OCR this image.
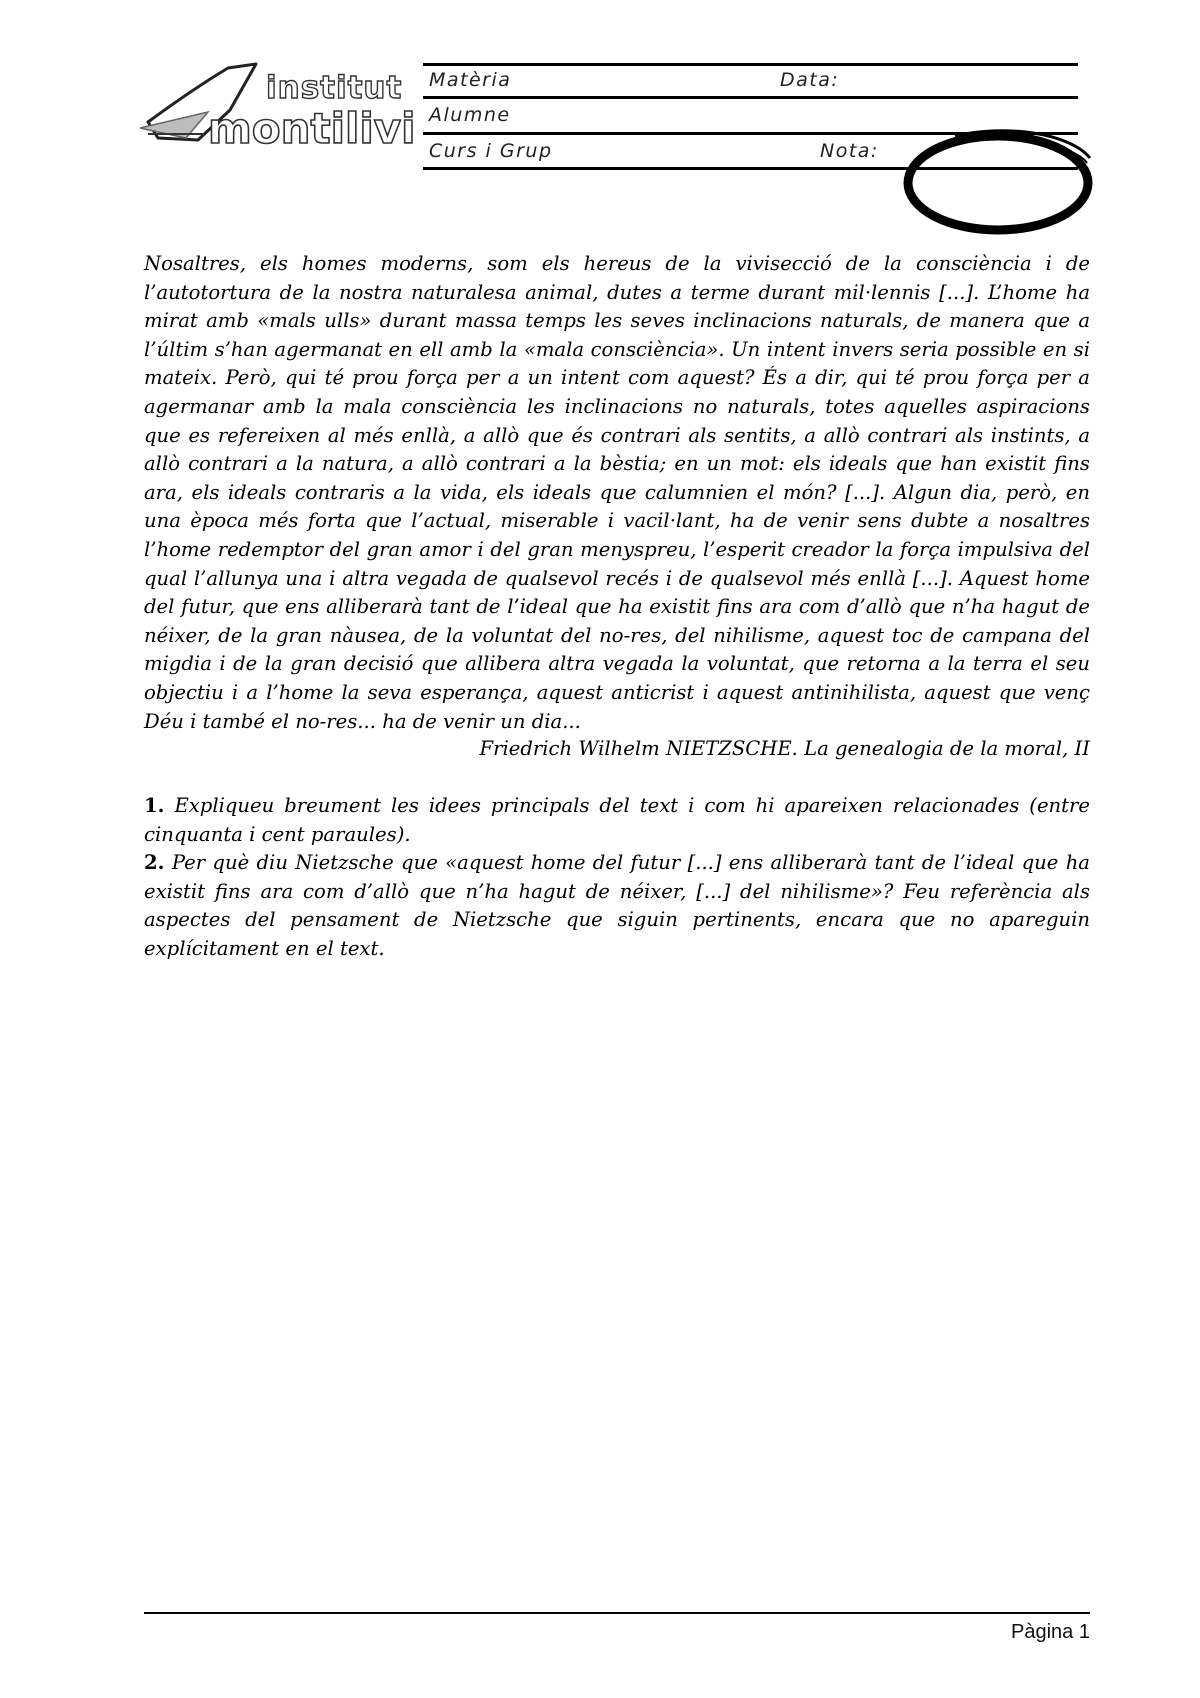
institut
montilivi
Matèria	Data:
Alumne
Curs i Grup	Nota:

Nosaltres, els homes moderns, som els hereus de la vivisecció de la consciència i de l’autotortura de la nostra naturalesa animal, dutes a terme durant mil·lennis [...]. L’home ha mirat amb «mals ulls» durant massa temps les seves inclinacions naturals, de manera que a l’últim s’han agermanat en ell amb la «mala consciència». Un intent invers seria possible en si mateix. Però, qui té prou força per a un intent com aquest? És a dir, qui té prou força per a agermanar amb la mala consciència les inclinacions no naturals, totes aquelles aspiracions que es refereixen al més enllà, a allò que és contrari als sentits, a allò contrari als instints, a allò contrari a la natura, a allò contrari a la bèstia; en un mot: els ideals que han existit fins ara, els ideals contraris a la vida, els ideals que calumnien el món? [...]. Algun dia, però, en una època més forta que l’actual, miserable i vacil·lant, ha de venir sens dubte a nosaltres l’home redemptor del gran amor i del gran menyspreu, l’esperit creador la força impulsiva del qual l’allunya una i altra vegada de qualsevol recés i de qualsevol més enllà [...]. Aquest home del futur, que ens alliberarà tant de l’ideal que ha existit fins ara com d’allò que n’ha hagut de néixer, de la gran nàusea, de la voluntat del no-res, del nihilisme, aquest toc de campana del migdia i de la gran decisió que allibera altra vegada la voluntat, que retorna a la terra el seu objectiu i a l’home la seva esperança, aquest anticrist i aquest antinihilista, aquest que venç Déu i també el no-res... ha de venir un dia...

Friedrich Wilhelm NIETZSCHE. La genealogia de la moral, II

1. Expliqueu breument les idees principals del text i com hi apareixen relacionades (entre cinquanta i cent paraules).

2. Per què diu Nietzsche que «aquest home del futur [...] ens alliberarà tant de l’ideal que ha existit fins ara com d’allò que n’ha hagut de néixer, [...] del nihilisme»? Feu referència als aspectes del pensament de Nietzsche que siguin pertinents, encara que no apareguin explícitament en el text.

Pàgina 1
